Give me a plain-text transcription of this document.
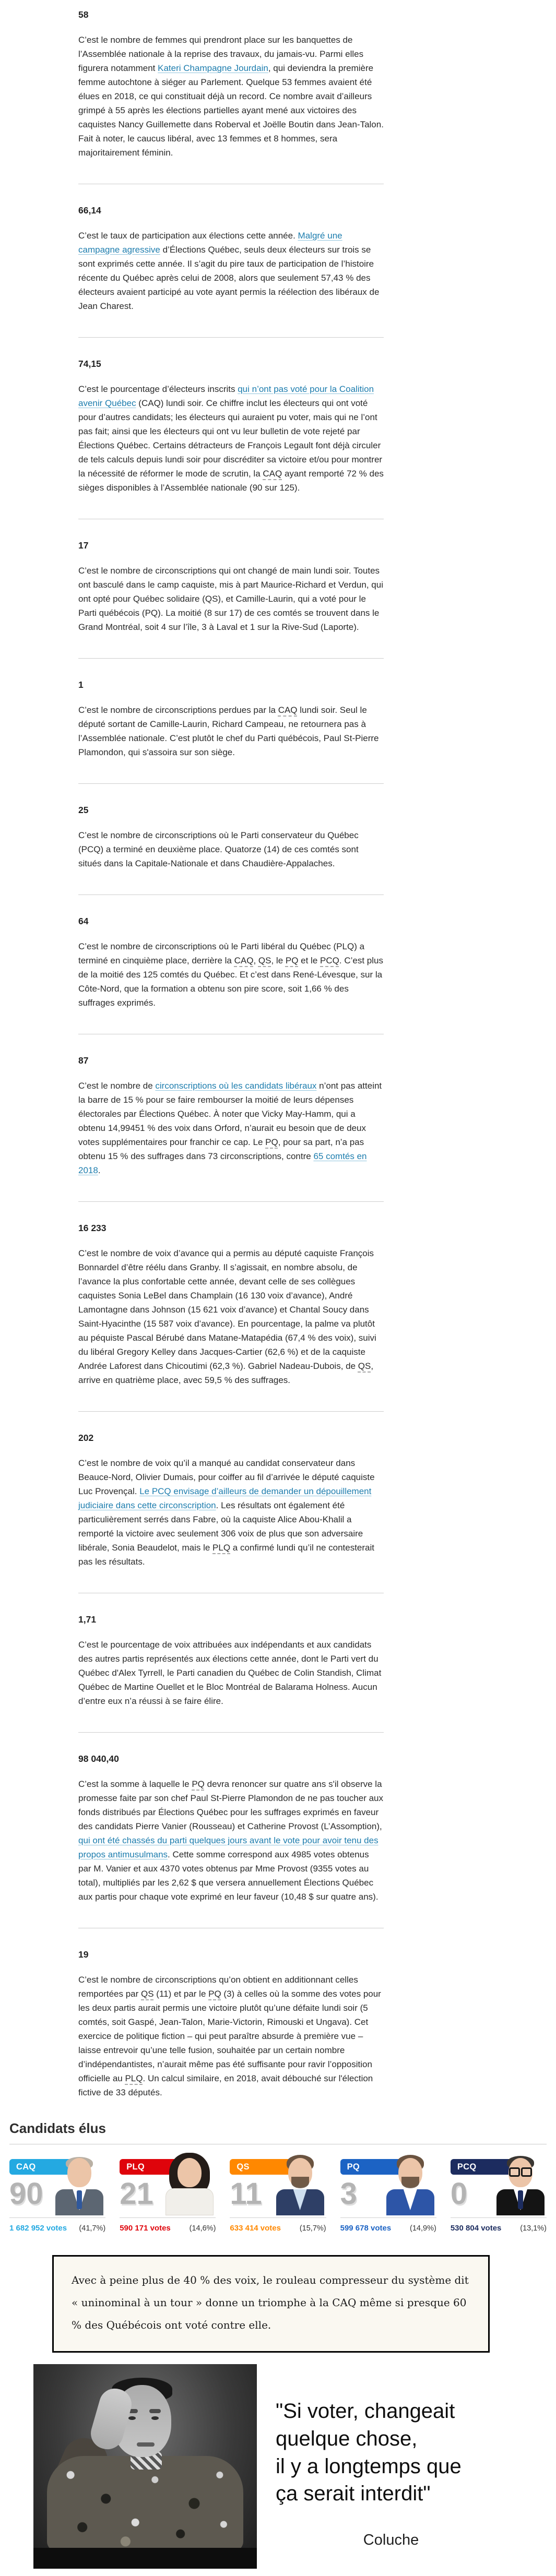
58

C’est le nombre de femmes qui prendront place sur les banquettes de l’Assemblée nationale à la reprise des travaux, du jamais-vu. Parmi elles figurera notamment Kateri Champagne Jourdain, qui deviendra la première femme autochtone à siéger au Parlement. Quelque 53 femmes avaient été élues en 2018, ce qui constituait déjà un record. Ce nombre avait d’ailleurs grimpé à 55 après les élections partielles ayant mené aux victoires des caquistes Nancy Guillemette dans Roberval et Joëlle Boutin dans Jean-Talon. Fait à noter, le caucus libéral, avec 13 femmes et 8 hommes, sera majoritairement féminin.

66,14

C’est le taux de participation aux élections cette année. Malgré une campagne agressive d’Élections Québec, seuls deux électeurs sur trois se sont exprimés cette année. Il s’agit du pire taux de participation de l’histoire récente du Québec après celui de 2008, alors que seulement 57,43 % des électeurs avaient participé au vote ayant permis la réélection des libéraux de Jean Charest.

74,15

C’est le pourcentage d’électeurs inscrits qui n’ont pas voté pour la Coalition avenir Québec (CAQ) lundi soir. Ce chiffre inclut les électeurs qui ont voté pour d’autres candidats; les électeurs qui auraient pu voter, mais qui ne l’ont pas fait; ainsi que les électeurs qui ont vu leur bulletin de vote rejeté par Élections Québec. Certains détracteurs de François Legault font déjà circuler de tels calculs depuis lundi soir pour discréditer sa victoire et/ou pour montrer la nécessité de réformer le mode de scrutin, la CAQ ayant remporté 72 % des sièges disponibles à l’Assemblée nationale (90 sur 125).

17

C’est le nombre de circonscriptions qui ont changé de main lundi soir. Toutes ont basculé dans le camp caquiste, mis à part Maurice-Richard et Verdun, qui ont opté pour Québec solidaire (QS), et Camille-Laurin, qui a voté pour le Parti québécois (PQ). La moitié (8 sur 17) de ces comtés se trouvent dans le Grand Montréal, soit 4 sur l’île, 3 à Laval et 1 sur la Rive-Sud (Laporte).

1

C’est le nombre de circonscriptions perdues par la CAQ lundi soir. Seul le député sortant de Camille-Laurin, Richard Campeau, ne retournera pas à l’Assemblée nationale. C’est plutôt le chef du Parti québécois, Paul St-Pierre Plamondon, qui s'assoira sur son siège.

25

C’est le nombre de circonscriptions où le Parti conservateur du Québec (PCQ) a terminé en deuxième place. Quatorze (14) de ces comtés sont situés dans la Capitale-Nationale et dans Chaudière-Appalaches.

64

C’est le nombre de circonscriptions où le Parti libéral du Québec (PLQ) a terminé en cinquième place, derrière la CAQ, QS, le PQ et le PCQ. C’est plus de la moitié des 125 comtés du Québec. Et c’est dans René-Lévesque, sur la Côte-Nord, que la formation a obtenu son pire score, soit 1,66 % des suffrages exprimés.

87

C’est le nombre de circonscriptions où les candidats libéraux n’ont pas atteint la barre de 15 % pour se faire rembourser la moitié de leurs dépenses électorales par Élections Québec. À noter que Vicky May-Hamm, qui a obtenu 14,99451 % des voix dans Orford, n’aurait eu besoin que de deux votes supplémentaires pour franchir ce cap. Le PQ, pour sa part, n’a pas obtenu 15 % des suffrages dans 73 circonscriptions, contre 65 comtés en 2018.

16 233

C’est le nombre de voix d’avance qui a permis au député caquiste François Bonnardel d’être réélu dans Granby. Il s’agissait, en nombre absolu, de l’avance la plus confortable cette année, devant celle de ses collègues caquistes Sonia LeBel dans Champlain (16 130 voix d’avance), André Lamontagne dans Johnson (15 621 voix d’avance) et Chantal Soucy dans Saint-Hyacinthe (15 587 voix d’avance). En pourcentage, la palme va plutôt au péquiste Pascal Bérubé dans Matane-Matapédia (67,4 % des voix), suivi du libéral Gregory Kelley dans Jacques-Cartier (62,6 %) et de la caquiste Andrée Laforest dans Chicoutimi (62,3 %). Gabriel Nadeau-Dubois, de QS, arrive en quatrième place, avec 59,5 % des suffrages.

202

C’est le nombre de voix qu’il a manqué au candidat conservateur dans Beauce-Nord, Olivier Dumais, pour coiffer au fil d’arrivée le député caquiste Luc Provençal. Le PCQ envisage d’ailleurs de demander un dépouillement judiciaire dans cette circonscription. Les résultats ont également été particulièrement serrés dans Fabre, où la caquiste Alice Abou-Khalil a remporté la victoire avec seulement 306 voix de plus que son adversaire libérale, Sonia Beaudelot, mais le PLQ a confirmé lundi qu’il ne contesterait pas les résultats.

1,71

C’est le pourcentage de voix attribuées aux indépendants et aux candidats des autres partis représentés aux élections cette année, dont le Parti vert du Québec d'Alex Tyrrell, le Parti canadien du Québec de Colin Standish, Climat Québec de Martine Ouellet et le Bloc Montréal de Balarama Holness. Aucun d’entre eux n’a réussi à se faire élire.

98 040,40

C’est la somme à laquelle le PQ devra renoncer sur quatre ans s'il observe la promesse faite par son chef Paul St-Pierre Plamondon de ne pas toucher aux fonds distribués par Élections Québec pour les suffrages exprimés en faveur des candidats Pierre Vanier (Rousseau) et Catherine Provost (L’Assomption), qui ont été chassés du parti quelques jours avant le vote pour avoir tenu des propos antimusulmans. Cette somme correspond aux 4985 votes obtenus par M. Vanier et aux 4370 votes obtenus par Mme Provost (9355 votes au total), multipliés par les 2,62 $ que versera annuellement Élections Québec aux partis pour chaque vote exprimé en leur faveur (10,48 $ sur quatre ans).

19

C’est le nombre de circonscriptions qu’on obtient en additionnant celles remportées par QS (11) et par le PQ (3) à celles où la somme des votes pour les deux partis aurait permis une victoire plutôt qu’une défaite lundi soir (5 comtés, soit Gaspé, Jean-Talon, Marie-Victorin, Rimouski et Ungava). Cet exercice de politique fiction – qui peut paraître absurde à première vue – laisse entrevoir qu’une telle fusion, souhaitée par un certain nombre d’indépendantistes, n’aurait même pas été suffisante pour ravir l’opposition officielle au PLQ. Un calcul similaire, en 2018, avait débouché sur l'élection fictive de 33 députés.

Candidats élus
CAQ
90
1 682 952 votes (41,7%)
PLQ
21
590 171 votes (14,6%)
QS
11
633 414 votes (15,7%)
PQ
3
599 678 votes (14,9%)
PCQ
0
530 804 votes (13,1%)

Avec à peine plus de 40 % des voix, le rouleau compresseur du système dit « uninominal à un tour » donne un triomphe à la CAQ même si presque 60 % des Québécois ont voté contre elle.

"Si voter, changeait
quelque chose,
il y a longtemps que
ça serait interdit"
Coluche
